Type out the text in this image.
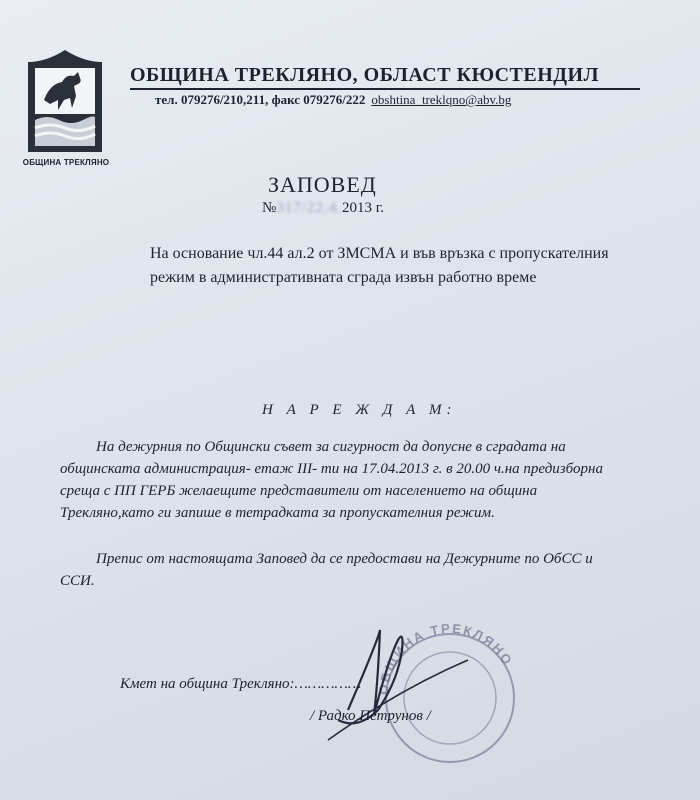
ОБЩИНА ТРЕКЛЯНО
ОБЩИНА ТРЕКЛЯНО, ОБЛАСТ КЮСТЕНДИЛ
тел. 079276/210,211, факс 079276/222 obshtina_treklqno@abv.bg
ЗАПОВЕД
№317/22.4.2013 г.
На основание чл.44 ал.2 от ЗМСМА и във връзка с пропускателния режим в административната сграда извън работно време
Н А Р Е Ж Д А М:
На дежурния по Общински съвет за сигурност да допусне в сградата на общинската администрация- етаж III- ти на 17.04.2013 г. в 20.00 ч.на предизборна среща с ПП ГЕРБ желаещите представители от населението на община Трекляно,като ги запише в тетрадката за пропускателния режим.
Препис от настоящата Заповед да се предостави на Дежурните по ОбСС и ССИ.
ОБЩИНА ТРЕКЛЯНО
Кмет на община Трекляно:……………
/ Радко Петрунов /
